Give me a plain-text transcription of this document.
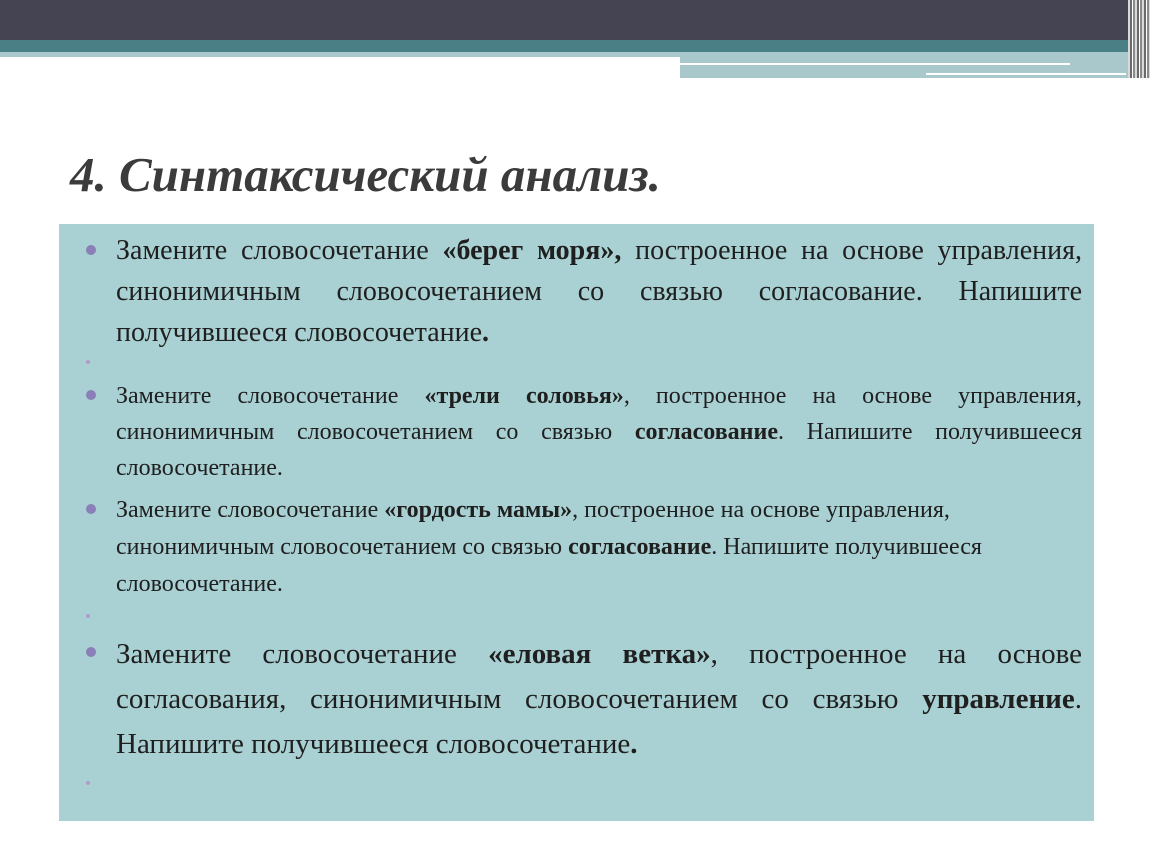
4. Синтаксический анализ.
Замените словосочетание «берег моря», построенное на основе управления, синонимичным словосочетанием со связью согласование. Напишите получившееся словосочетание.
Замените словосочетание «трели соловья», построенное на основе управления, синонимичным словосочетанием со связью согласование. Напишите получившееся словосочетание.
Замените словосочетание «гордость мамы», построенное на основе управления, синонимичным словосочетанием со связью согласование. Напишите получившееся словосочетание.
Замените словосочетание «еловая ветка», построенное на основе согласования, синонимичным словосочетанием со связью управление. Напишите получившееся словосочетание.
